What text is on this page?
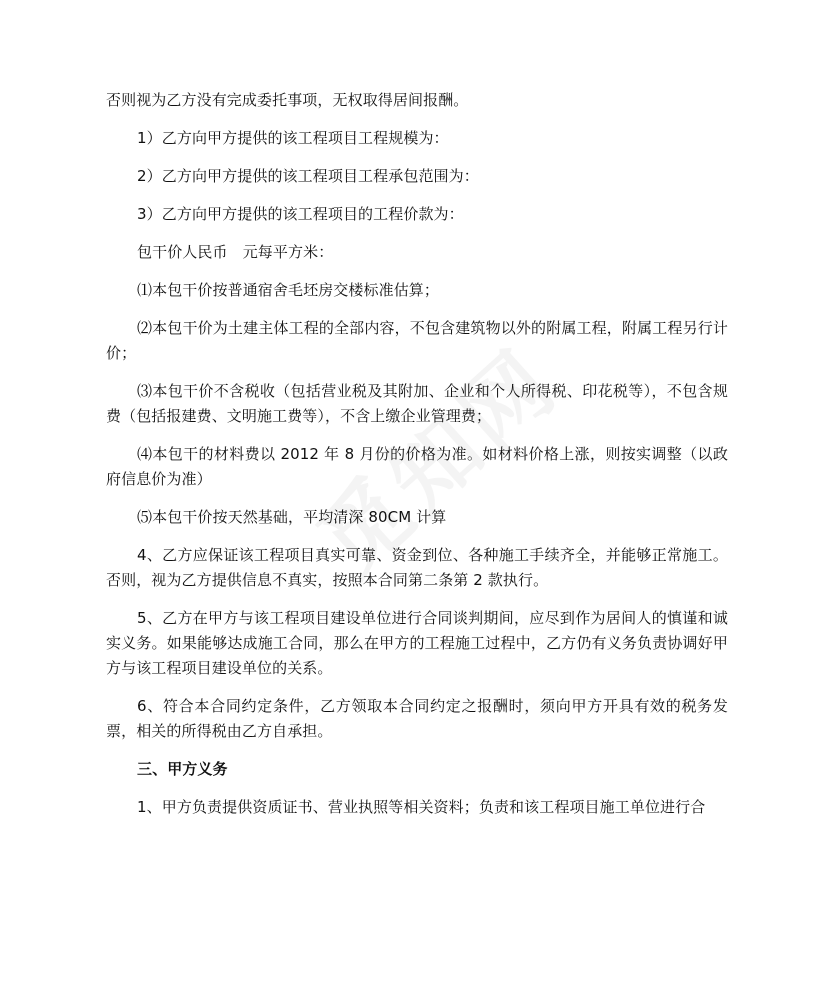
否则视为乙方没有完成委托事项，无权取得居间报酬。

1）乙方向甲方提供的该工程项目工程规模为：

2）乙方向甲方提供的该工程项目工程承包范围为：

3）乙方向甲方提供的该工程项目的工程价款为：

包干价人民币　元每平方米：

⑴本包干价按普通宿舍毛坯房交楼标准估算；

⑵本包干价为土建主体工程的全部内容，不包含建筑物以外的附属工程，附属工程另行计价；

⑶本包干价不含税收（包括营业税及其附加、企业和个人所得税、印花税等），不包含规费（包括报建费、文明施工费等），不含上缴企业管理费；

⑷本包干的材料费以 2012 年 8 月份的价格为准。如材料价格上涨，则按实调整（以政府信息价为准）

⑸本包干价按天然基础，平均清深 80CM 计算

4、乙方应保证该工程项目真实可靠、资金到位、各种施工手续齐全，并能够正常施工。否则，视为乙方提供信息不真实，按照本合同第二条第 2 款执行。

5、乙方在甲方与该工程项目建设单位进行合同谈判期间，应尽到作为居间人的慎谨和诚实义务。如果能够达成施工合同，那么在甲方的工程施工过程中，乙方仍有义务负责协调好甲方与该工程项目建设单位的关系。

6、符合本合同约定条件，乙方领取本合同约定之报酬时，须向甲方开具有效的税务发票，相关的所得税由乙方自承担。

三、甲方义务

1、甲方负责提供资质证书、营业执照等相关资料；负责和该工程项目施工单位进行合
